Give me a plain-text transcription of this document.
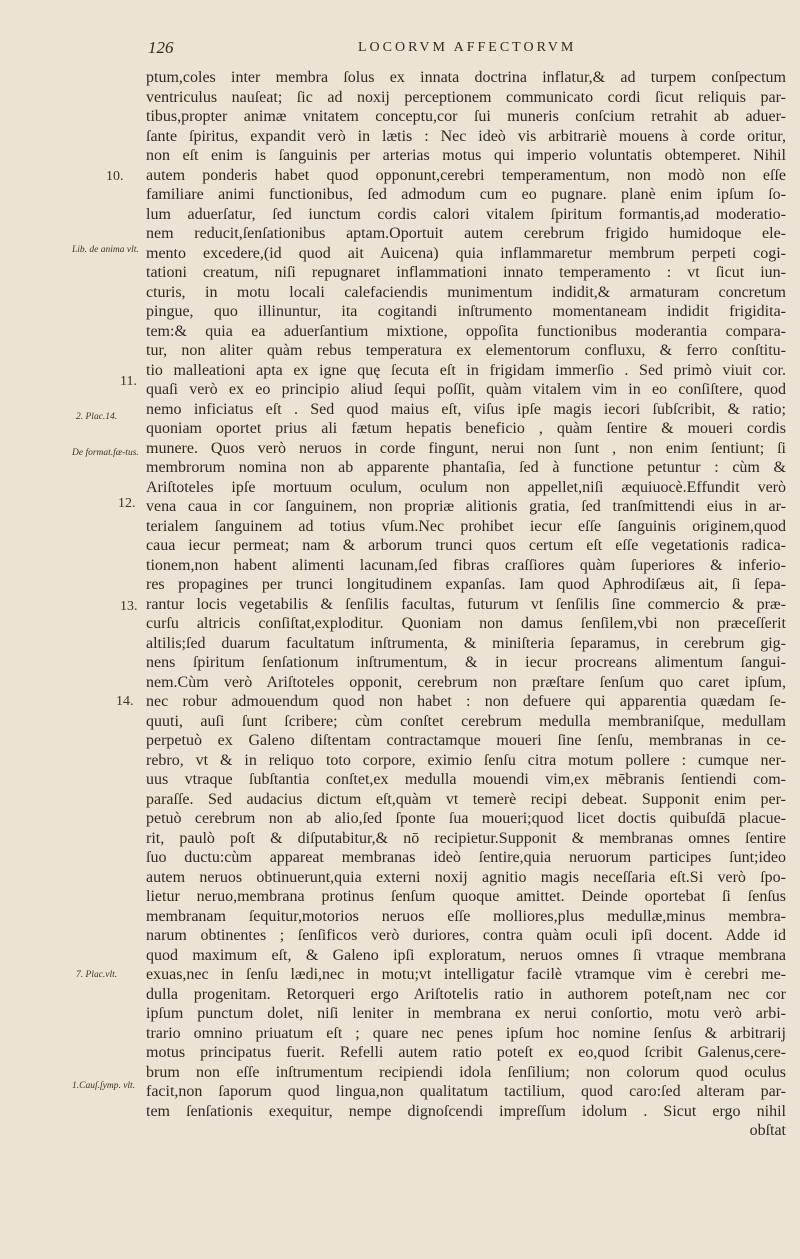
126	LOCORVM AFFECTORVM
10.
Lib. de anima vlt.
11.
2. Plac.14.
De format.fæ-tus.
12.
13.
14.
7. Plac.vlt.
1.Cauſ.ſymp. vlt.
ptum,coles inter membra ſolus ex innata doctrina inflatur,& ad turpem conſpectum
ventriculus nauſeat; ſic ad noxij perceptionem communicato cordi ſicut reliquis par-
tibus,propter animæ vnitatem conceptu,cor ſui muneris conſcium retrahit ab aduer-
ſante ſpiritus, expandit verò in lætis : Nec ideò vis arbitrariè mouens à corde oritur,
non eſt enim is ſanguinis per arterias motus qui imperio voluntatis obtemperet. Nihil
autem ponderis habet quod opponunt,cerebri temperamentum, non modò non eſſe
familiare animi functionibus, ſed admodum cum eo pugnare. planè enim ipſum ſo-
lum aduerſatur, ſed iunctum cordis calori vitalem ſpiritum formantis,ad moderatio-
nem reducit,ſenſationibus aptam.Oportuit autem cerebrum frigido humidoque ele-
mento excedere,(id quod ait Auicena) quia inflammaretur membrum perpeti cogi-
tationi creatum, niſi repugnaret inflammationi innato temperamento : vt ſicut iun-
cturis, in motu locali calefaciendis munimentum indidit,& armaturam concretum
pingue, quo illinuntur, ita cogitandi inſtrumento momentaneam indidit frigidita-
tem:& quia ea aduerſantium mixtione, oppoſita functionibus moderantia compara-
tur, non aliter quàm rebus temperatura ex elementorum confluxu, & ferro conſtitu-
tio malleationi apta ex igne quę ſecuta eſt in frigidam immerſio . Sed primò viuit cor.
quaſi verò ex eo principio aliud ſequi poſſit, quàm vitalem vim in eo conſiſtere, quod
nemo inficiatus eſt . Sed quod maius eſt, viſus ipſe magis iecori ſubſcribit, & ratio;
quoniam oportet prius ali fætum hepatis beneficio , quàm ſentire & moueri cordis
munere. Quos verò neruos in corde fingunt, nerui non ſunt , non enim ſentiunt; ſi
membrorum nomina non ab apparente phantaſia, ſed à functione petuntur : cùm &
Ariſtoteles ipſe mortuum oculum, oculum non appellet,niſi æquiuocè.Effundit verò
vena caua in cor ſanguinem, non propriæ alitionis gratia, ſed tranſmittendi eius in ar-
terialem ſanguinem ad totius vſum.Nec prohibet iecur eſſe ſanguinis originem,quod
caua iecur permeat; nam & arborum trunci quos certum eſt eſſe vegetationis radica-
tionem,non habent alimenti lacunam,ſed fibras craſſiores quàm ſuperiores & inferio-
res propagines per trunci longitudinem expanſas. Iam quod Aphrodiſæus ait, ſi ſepa-
rantur locis vegetabilis & ſenſilis facultas, futurum vt ſenſilis ſine commercio & præ-
curſu altricis conſiſtat,exploditur. Quoniam non damus ſenſilem,vbi non præceſſerit
altilis;ſed duarum facultatum inſtrumenta, & miniſteria ſeparamus, in cerebrum gig-
nens ſpiritum ſenſationum inſtrumentum, & in iecur procreans alimentum ſangui-
nem.Cùm verò Ariſtoteles opponit, cerebrum non præſtare ſenſum quo caret ipſum,
nec robur admouendum quod non habet : non defuere qui apparentia quædam ſe-
quuti, auſi ſunt ſcribere; cùm conſtet cerebrum medulla membraniſque, medullam
perpetuò ex Galeno diſtentam contractamque moueri ſine ſenſu, membranas in ce-
rebro, vt & in reliquo toto corpore, eximio ſenſu citra motum pollere : cumque ner-
uus vtraque ſubſtantia conſtet,ex medulla mouendi vim,ex mēbranis ſentiendi com-
paraſſe. Sed audacius dictum eſt,quàm vt temerè recipi debeat. Supponit enim per-
petuò cerebrum non ab alio,ſed ſponte ſua moueri;quod licet doctis quibuſdā placue-
rit, paulò poſt & diſputabitur,& nō recipietur.Supponit & membranas omnes ſentire
ſuo ductu:cùm appareat membranas ideò ſentire,quia neruorum participes ſunt;ideo
autem neruos obtinuerunt,quia externi noxij agnitio magis neceſſaria eſt.Si verò ſpo-
lietur neruo,membrana protinus ſenſum quoque amittet. Deinde oportebat ſi ſenſus
membranam ſequitur,motorios neruos eſſe molliores,plus medullæ,minus membra-
narum obtinentes ; ſenſificos verò duriores, contra quàm oculi ipſi docent. Adde id
quod maximum eſt, & Galeno ipſi exploratum, neruos omnes ſi vtraque membrana
exuas,nec in ſenſu lædi,nec in motu;vt intelligatur facilè vtramque vim è cerebri me-
dulla progenitam. Retorqueri ergo Ariſtotelis ratio in authorem poteſt,nam nec cor
ipſum punctum dolet, niſi leniter in membrana ex nerui conſortio, motu verò arbi-
trario omnino priuatum eſt ; quare nec penes ipſum hoc nomine ſenſus & arbitrarij
motus principatus fuerit. Refelli autem ratio poteſt ex eo,quod ſcribit Galenus,cere-
brum non eſſe inſtrumentum recipiendi idola ſenſilium; non colorum quod oculus
facit,non ſaporum quod lingua,non qualitatum tactilium, quod caro:ſed alteram par-
tem ſenſationis exequitur, nempe dignoſcendi impreſſum idolum . Sicut ergo nihil
obſtat
